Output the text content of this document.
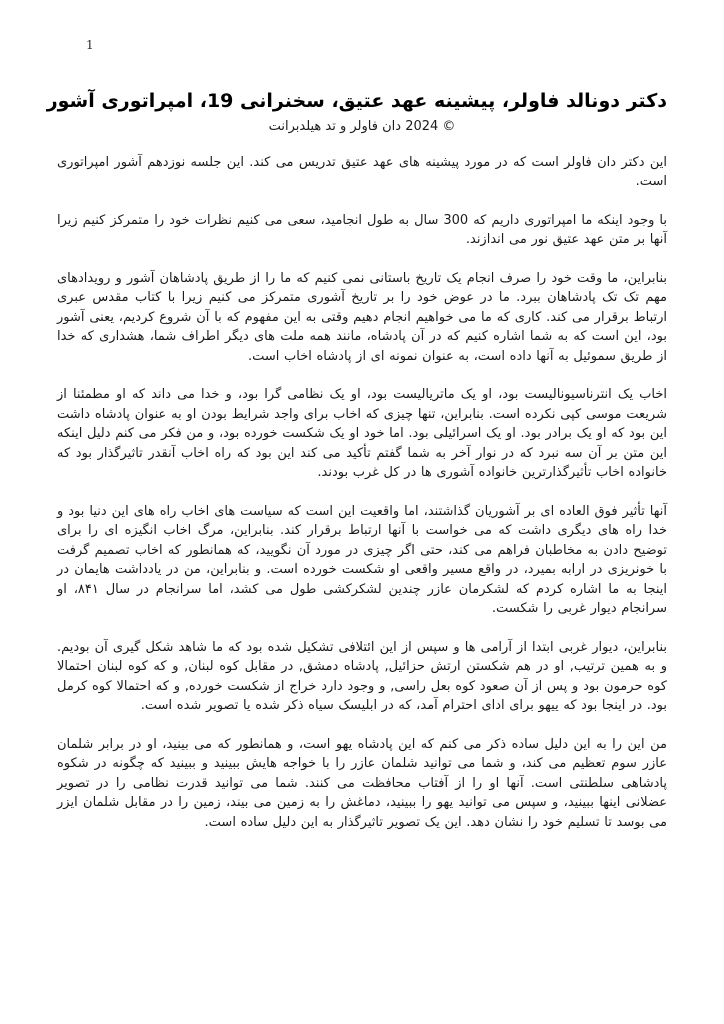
1
دکتر دونالد فاولر، پیشینه عهد عتیق، سخنرانی 19، امپراتوری آشور
© 2024 دان فاولر و تد هیلدبرانت

این دکتر دان فاولر است که در مورد پیشینه های عهد عتیق تدریس می کند. این جلسه نوزدهم آشور امپراتوری است.

با وجود اینکه ما امپراتوری داریم که 300 سال به طول انجامید، سعی می کنیم نظرات خود را متمرکز کنیم زیرا آنها بر متن عهد عتیق نور می اندازند.

بنابراین، ما وقت خود را صرف انجام یک تاریخ باستانی نمی کنیم که ما را از طریق پادشاهان آشور و رویدادهای مهم تک تک پادشاهان ببرد. ما در عوض خود را بر تاریخ آشوری متمرکز می کنیم زیرا با کتاب مقدس عبری ارتباط برقرار می کند. کاری که ما می خواهیم انجام دهیم وقتی به این مفهوم که با آن شروع کردیم، یعنی آشور بود، این است که به شما اشاره کنیم که در آن پادشاه، مانند همه ملت های دیگر اطراف شما، هشداری که خدا از طریق سموئیل به آنها داده است، به عنوان نمونه ای از پادشاه اخاب است.

اخاب یک انترناسیونالیست بود، او یک ماتریالیست بود، او یک نظامی گرا بود، و خدا می داند که او مطمئنا از شریعت موسی کپی نکرده است. بنابراین، تنها چیزی که اخاب برای واجد شرایط بودن او به عنوان پادشاه داشت این بود که او یک برادر بود. او یک اسرائیلی بود. اما خود او یک شکست خورده بود، و من فکر می کنم دلیل اینکه این متن بر آن سه نبرد که در نوار آخر به شما گفتم تأکید می کند این بود که راه اخاب آنقدر تاثیرگذار بود که خانواده اخاب تأثیرگذارترین خانواده آشوری ها در کل غرب بودند.

آنها تأثیر فوق العاده ای بر آشوریان گذاشتند، اما واقعیت این است که سیاست های اخاب راه های این دنیا بود و خدا راه های دیگری داشت که می خواست با آنها ارتباط برقرار کند. بنابراین، مرگ اخاب انگیزه ای را برای توضیح دادن به مخاطبان فراهم می کند، حتی اگر چیزی در مورد آن نگویید، که همانطور که اخاب تصمیم گرفت با خونریزی در ارابه بمیرد، در واقع مسیر واقعی او شکست خورده است. و بنابراین، من در یادداشت هایمان در اینجا به ما اشاره کردم که لشکرمان عازر چندین لشکرکشی طول می کشد، اما سرانجام در سال ۸۴۱، او سرانجام دیوار غربی را شکست.

بنابراین، دیوار غربی ابتدا از آرامی ها و سپس از این ائتلافی تشکیل شده بود که ما شاهد شکل گیری آن بودیم. و به همین ترتیب, او در هم شکستن ارتش حزائیل, پادشاه دمشق, در مقابل کوه لبنان, و که کوه لبنان احتمالا کوه حرمون بود و پس از آن صعود کوه بعل راسی, و وجود دارد خراج از شکست خورده, و که احتمالا کوه کرمل بود. در اینجا بود که ییهو برای ادای احترام آمد، که در ابلیسک سیاه ذکر شده یا تصویر شده است.

من این را به این دلیل ساده ذکر می کنم که این پادشاه یهو است، و همانطور که می بینید، او در برابر شلمان عازر سوم تعظیم می کند، و شما می توانید شلمان عازر را با خواجه هایش ببینید و ببینید که چگونه در شکوه پادشاهی سلطنتی است. آنها او را از آفتاب محافظت می کنند. شما می توانید قدرت نظامی را در تصویر عضلانی اینها ببینید، و سپس می توانید یهو را ببینید، دماغش را به زمین می بیند، زمین را در مقابل شلمان ایزر می بوسد تا تسلیم خود را نشان دهد. این یک تصویر تاثیرگذار به این دلیل ساده است.
